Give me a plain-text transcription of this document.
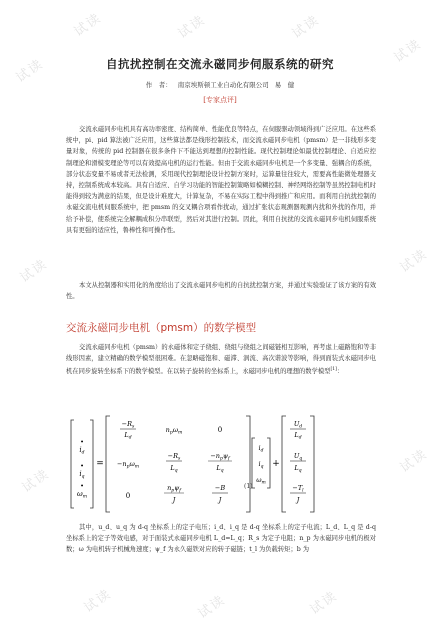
试读
试读	试读	试读
试读
试读	试读
试读
试读
试读	试读	试读
自抗扰控制在交流永磁同步伺服系统的研究
作　者： 南京埃斯顿工业自动化有限公司 易　健
[专家点评]

交流永磁同步电机具有高功率密度、结构简单、性能优良等特点，在伺服驱动领域得到广泛应用。在这些系统中，pi、pid 算法被广泛应用，这些算法都是线形控制技术，而交流永磁同步电机（pmsm）是一非线形多变量对象，传统的 pid 控制器在很多条件下不能达到理想的控制性能。现代控制理论如最优控制理论、自适应控制理论和滑模变理论等可以有效提高电机的运行性能。但由于交流永磁同步电机是一个多变量、强耦合的系统，部分状态变量不易或者无法检测，采用现代控制理论设计控制方案时，运算量往往较大，需要高性能微处理器支持，控制系统成本较高。具有自适应、自学习功能的智能控制策略如模糊控制、神经网络控制等虽然控制电机时能得到较为满意的结果，但是设计难度大，计算复杂，不易在实际工程中得到推广和应用。而利用自抗扰控制的永磁交流电机伺服系统中，把 pmsm 的交叉耦合项看作扰动，通过扩张状态观测器观测内扰和外扰的作用，并给予补偿，使系统完全解耦成积分串联型，然后对其进行控制。因此，利用自抗扰的交流永磁同步电机伺服系统具有更强的适应性，鲁棒性和可操作性。

本文从控制器和实用化的角度给出了交流永磁同步电机的自抗扰控制方案，并通过实验验证了该方案的有效性。

交流永磁同步电机（pmsm）的数学模型

交流永磁同步电机（pmsm）的永磁体和定子绕组、绕组与绕组之间磁链相互影响，再考虑上磁路饱和等非线形因素，建立精确的数学模型很困难。在忽略磁饱和、磁滞、涡流、高次谐波等影响，得到面装式永磁同步电机在同步旋转坐标系下的数学模型。在以转子旋转的坐标系上，永磁同步电机的理想的数学模型[1]：

•
$i_d$
•
$i_q$
•
$\omega_m$
=
$-R_s$
$L_d$
$n_p\omega_m$	0
$-n_p\omega_m$
$-R_s$
$L_q$
$-n_p\psi_f$
$L_q$
0
$n_p\psi_f$
J
−B
J
$i_d$
$i_q$
$\omega_m$
+
$U_d$
$L_d$
$U_q$
$L_q$
$-T_l$
J
(1)

其中，u_d、u_q 为 d-q 坐标系上的定子电压；i_d、i_q 是 d-q 坐标系上的定子电流；L_d、L_q 是 d-q 坐标系上的定子等效电感，对于面装式永磁同步电机 L_d=L_q；R_s 为定子电阻；n_p 为永磁同步电机的极对数；ω 为电机转子机械角速度；ψ_f 为永久磁铁对应的转子磁链；t_l 为负载转矩；b 为
